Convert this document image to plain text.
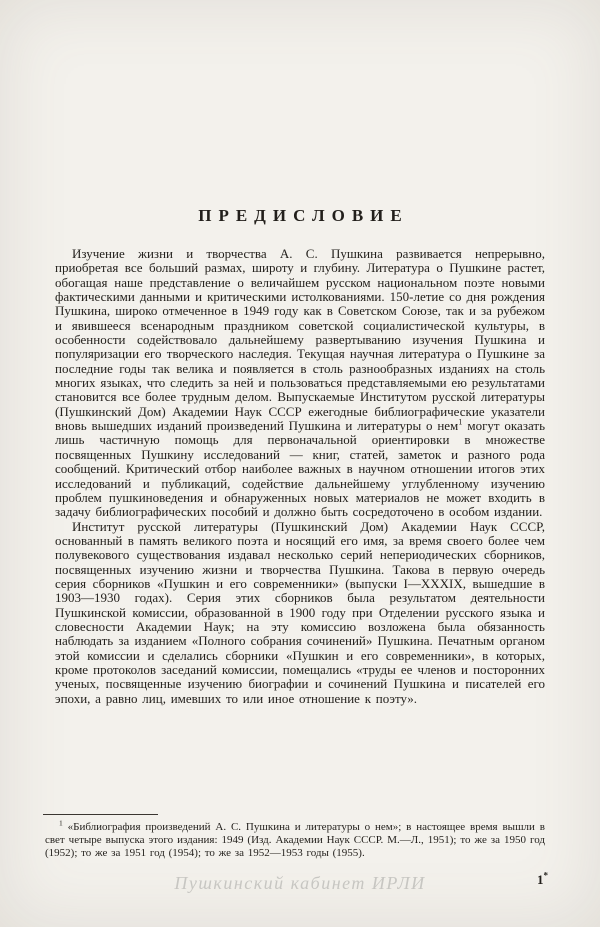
ПРЕДИСЛОВИЕ

Изучение жизни и творчества А. С. Пушкина развивается непрерывно, приобретая все больший размах, широту и глубину. Литература о Пушкине растет, обогащая наше представление о величайшем русском национальном поэте новыми фактическими данными и критическими истолкованиями. 150-летие со дня рождения Пушкина, широко отмеченное в 1949 году как в Советском Союзе, так и за рубежом и явившееся всенародным праздником советской социалистической культуры, в особенности содействовало дальнейшему развертыванию изучения Пушкина и популяризации его творческого наследия. Текущая научная литература о Пушкине за последние годы так велика и появляется в столь разнообразных изданиях на столь многих языках, что следить за ней и пользоваться представляемыми ею результатами становится все более трудным делом. Выпускаемые Институтом русской литературы (Пушкинский Дом) Академии Наук СССР ежегодные библиографические указатели вновь вышедших изданий произведений Пушкина и литературы о нем$^1$ могут оказать лишь частичную помощь для первоначальной ориентировки в множестве посвященных Пушкину исследований — книг, статей, заметок и разного рода сообщений. Критический отбор наиболее важных в научном отношении итогов этих исследований и публикаций, содействие дальнейшему углубленному изучению проблем пушкиноведения и обнаруженных новых материалов не может входить в задачу библиографических пособий и должно быть сосредоточено в особом издании.

Институт русской литературы (Пушкинский Дом) Академии Наук СССР, основанный в память великого поэта и носящий его имя, за время своего более чем полувекового существования издавал несколько серий непериодических сборников, посвященных изучению жизни и творчества Пушкина. Такова в первую очередь серия сборников «Пушкин и его современники» (выпуски I—XXXIX, вышедшие в 1903—1930 годах). Серия этих сборников была результатом деятельности Пушкинской комиссии, образованной в 1900 году при Отделении русского языка и словесности Академии Наук; на эту комиссию возложена была обязанность наблюдать за изданием «Полного собрания сочинений» Пушкина. Печатным органом этой комиссии и сделались сборники «Пушкин и его современники», в которых, кроме протоколов заседаний комиссии, помещались «труды ее членов и посторонних ученых, посвященные изучению биографии и сочинений Пушкина и писателей его эпохи, а равно лиц, имевших то или иное отношение к поэту».

$^1$ «Библиография произведений А. С. Пушкина и литературы о нем»; в настоящее время вышли в свет четыре выпуска этого издания: 1949 (Изд. Академии Наук СССР. М.—Л., 1951); то же за 1950 год (1952); то же за 1951 год (1954); то же за 1952—1953 годы (1955).

Пушкинский кабинет ИРЛИ	1*
